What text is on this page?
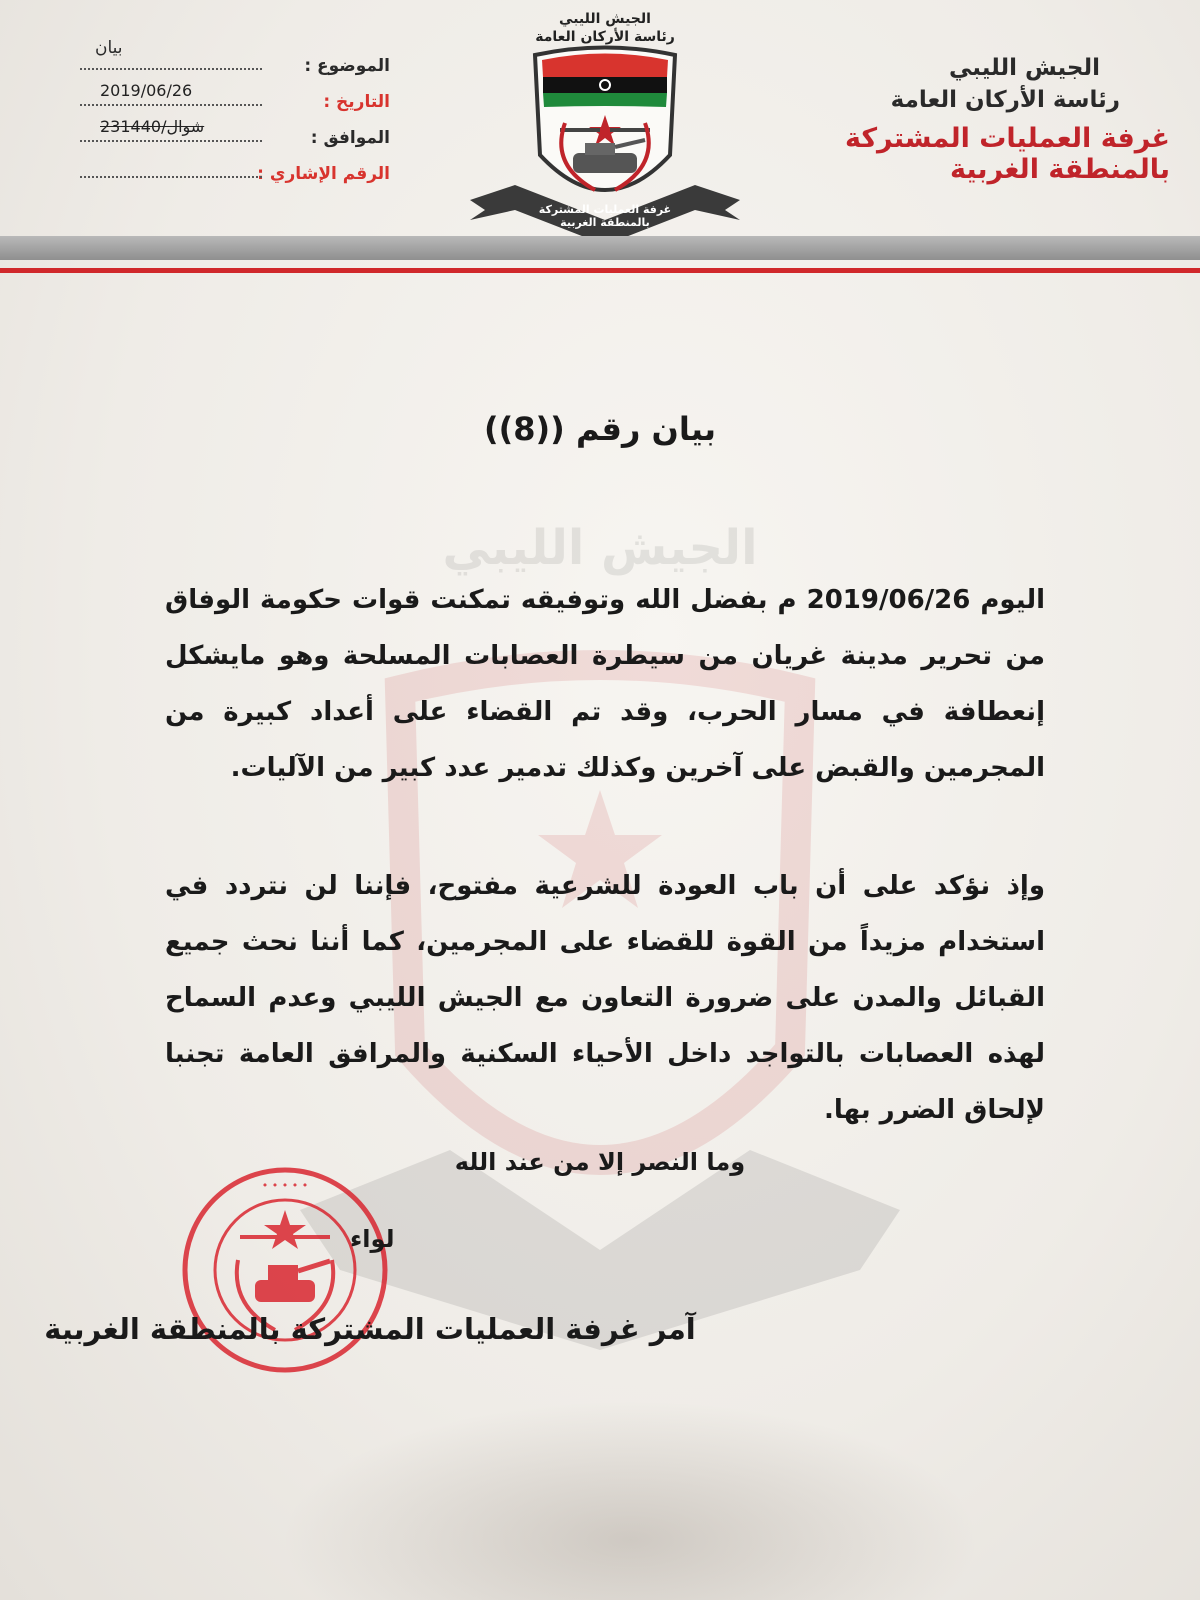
الجيش الليبي
رئاسة الأركان العامة
غرفة العمليات المشتركة بالمنطقة الغربية
بيان
الموضوع :
التاريخ :
2019/06/26
الموافق :
23شوال/1440
الرقم الإشاري :
الجيش الليبي
رئاسة الأركان العامة
غرفة العمليات المشتركة بالمنطقة الغربية
الجيش الليبي
بيان رقم ((8))
اليوم 2019/06/26 م بفضل الله وتوفيقه تمكنت قوات حكومة الوفاق من تحرير مدينة غريان من سيطرة العصابات المسلحة وهو مايشكل إنعطافة في مسار الحرب، وقد تم القضاء على أعداد كبيرة من المجرمين والقبض على آخرين وكذلك تدمير عدد كبير من الآليات.
وإذ نؤكد على أن باب العودة للشرعية مفتوح، فإننا لن نتردد في استخدام مزيداً من القوة للقضاء على المجرمين، كما أننا نحث جميع القبائل والمدن على ضرورة التعاون مع الجيش الليبي وعدم السماح لهذه العصابات بالتواجد داخل الأحياء السكنية والمرافق العامة تجنبا لإلحاق الضرر بها.
وما النصر إلا من عند الله
• • • • •
لواء
آمر غرفة العمليات المشتركة بالمنطقة الغربية
